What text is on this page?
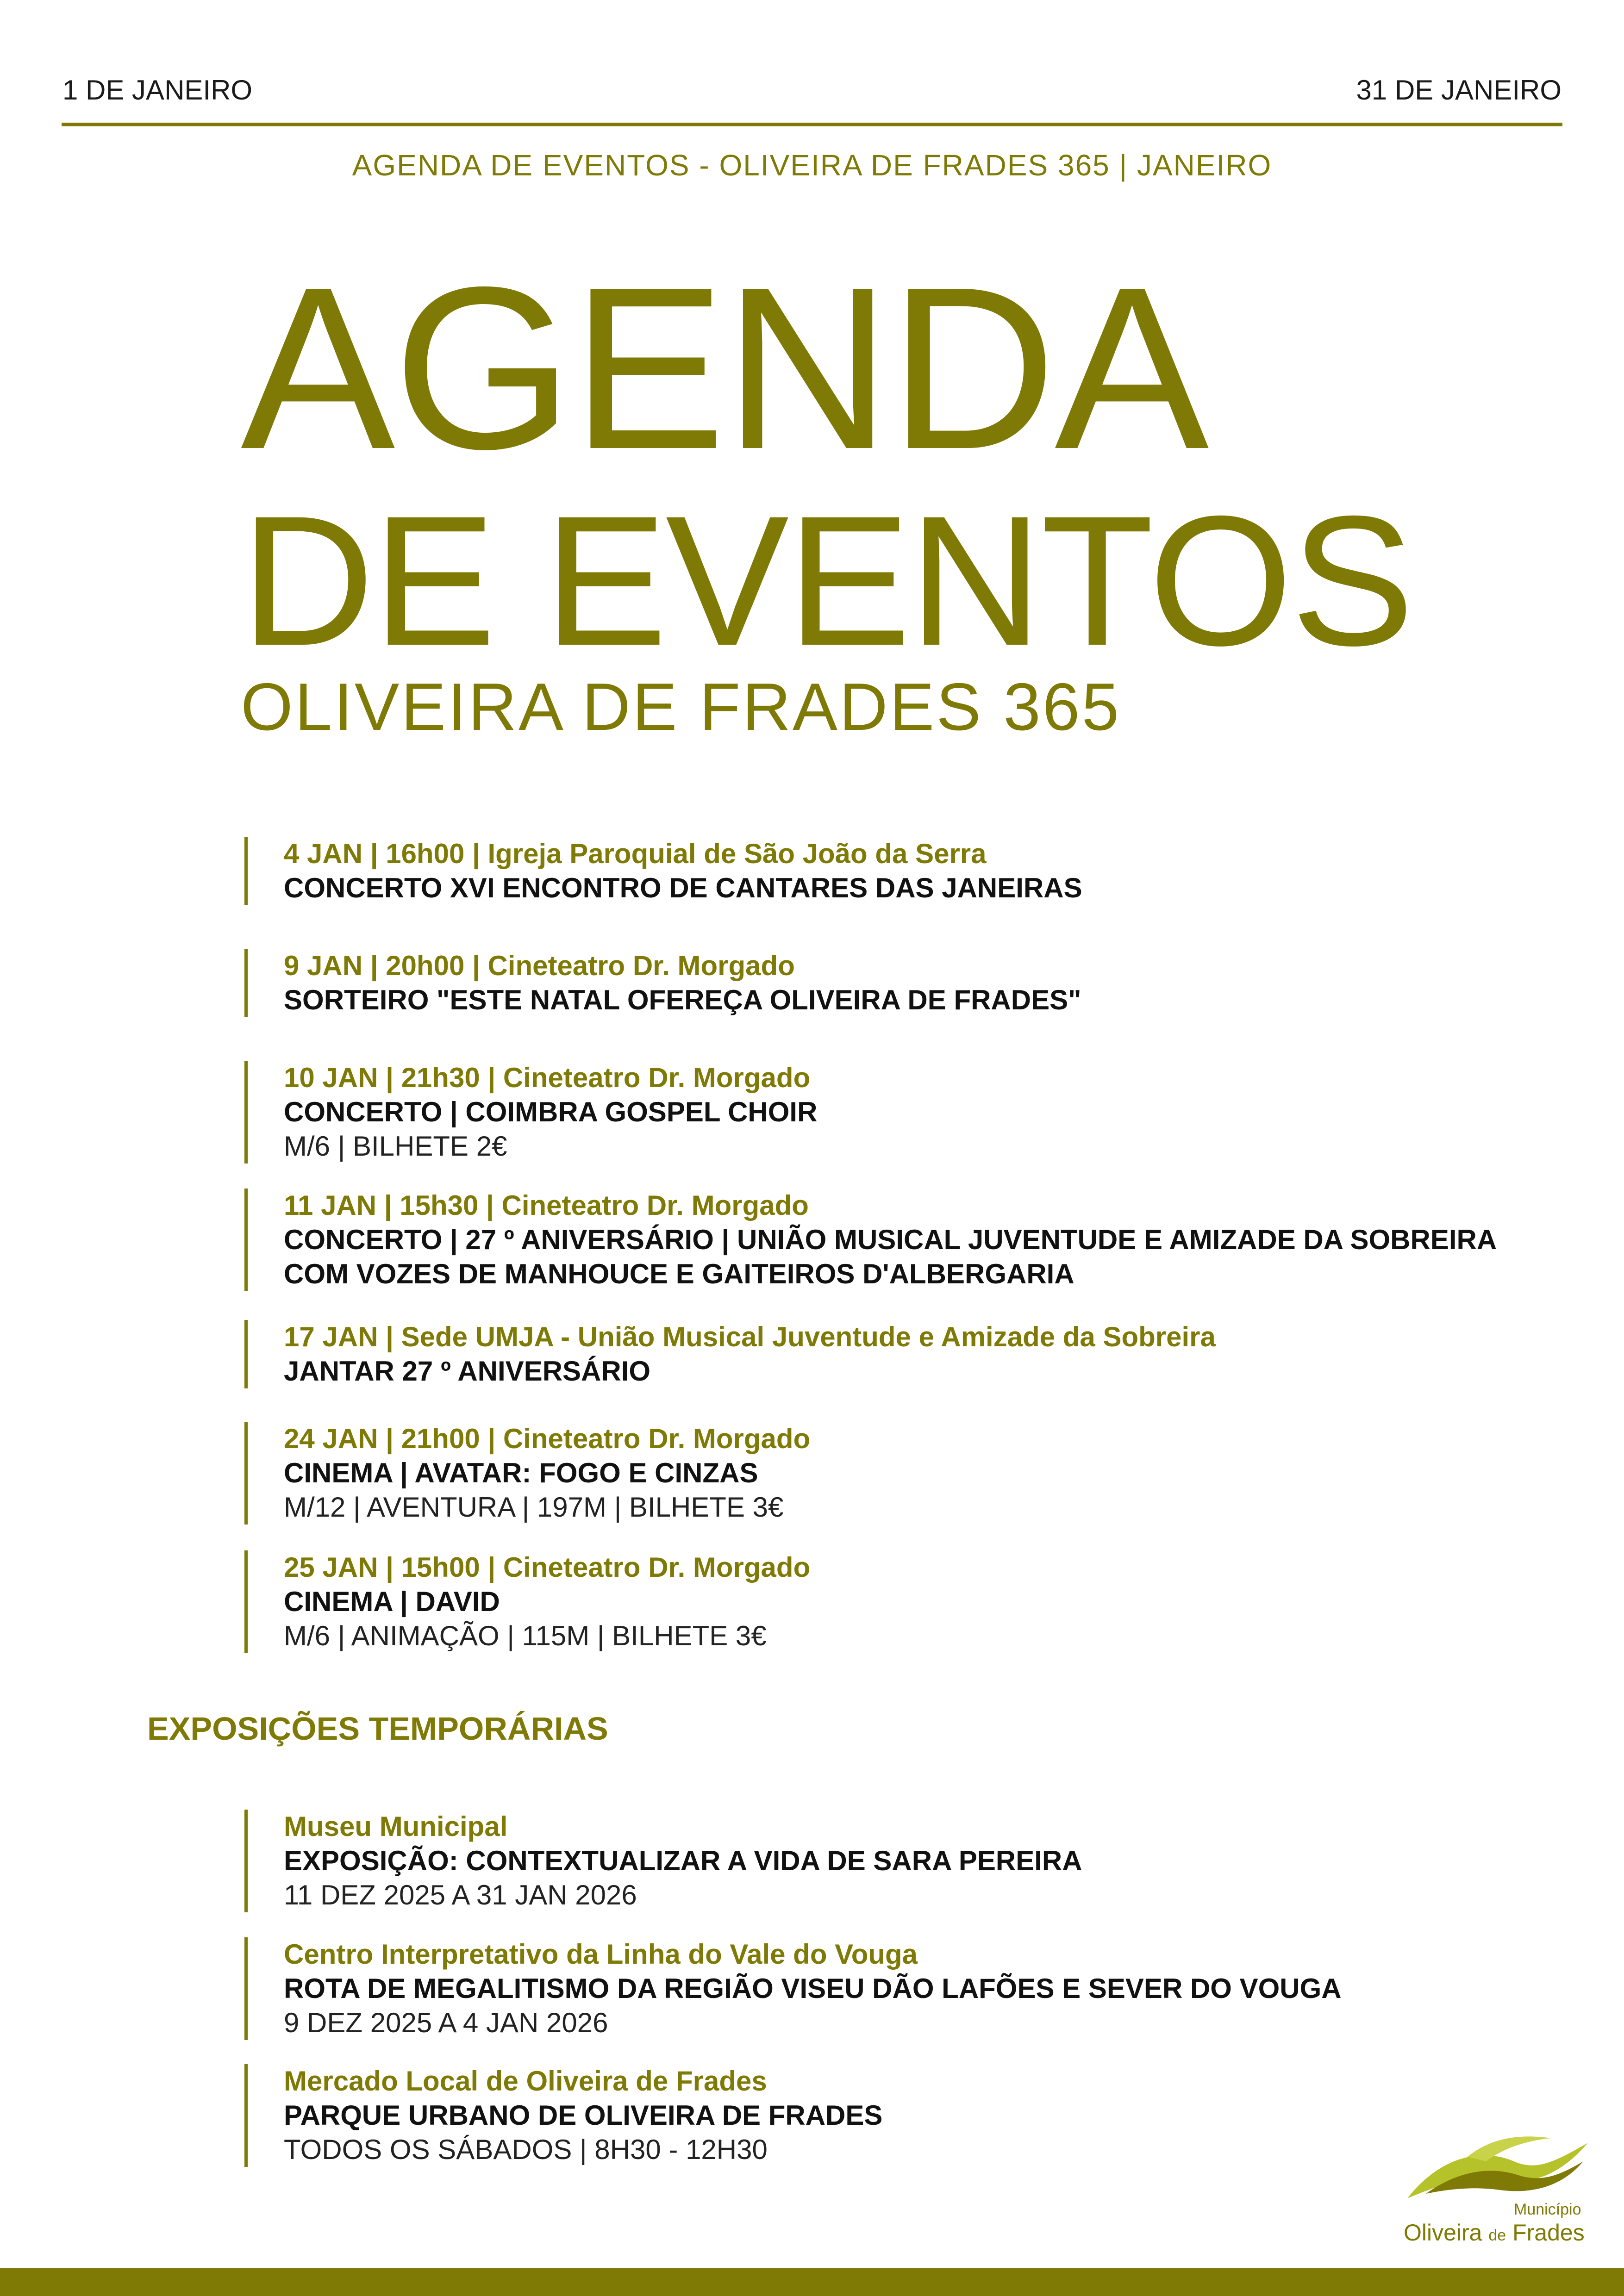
1 DE JANEIRO	31 DE JANEIRO
AGENDA DE EVENTOS - OLIVEIRA DE FRADES 365 | JANEIRO
AGENDA
DE EVENTOS
OLIVEIRA DE FRADES 365
4 JAN | 16h00 | Igreja Paroquial de São João da Serra
CONCERTO XVI ENCONTRO DE CANTARES DAS JANEIRAS
9 JAN | 20h00 | Cineteatro Dr. Morgado
SORTEIRO "ESTE NATAL OFEREÇA OLIVEIRA DE FRADES"
10 JAN | 21h30 | Cineteatro Dr. Morgado
CONCERTO | COIMBRA GOSPEL CHOIR
M/6 | BILHETE 2€
11 JAN | 15h30 | Cineteatro Dr. Morgado
CONCERTO | 27 º ANIVERSÁRIO | UNIÃO MUSICAL JUVENTUDE E AMIZADE DA SOBREIRA
COM VOZES DE MANHOUCE E GAITEIROS D'ALBERGARIA
17 JAN | Sede UMJA - União Musical Juventude e Amizade da Sobreira
JANTAR 27 º ANIVERSÁRIO
24 JAN | 21h00 | Cineteatro Dr. Morgado
CINEMA | AVATAR: FOGO E CINZAS
M/12 | AVENTURA | 197M | BILHETE 3€
25 JAN | 15h00 | Cineteatro Dr. Morgado
CINEMA | DAVID
M/6 | ANIMAÇÃO | 115M | BILHETE 3€
EXPOSIÇÕES TEMPORÁRIAS
Museu Municipal
EXPOSIÇÃO: CONTEXTUALIZAR A VIDA DE SARA PEREIRA
11 DEZ 2025 A 31 JAN 2026
Centro Interpretativo da Linha do Vale do Vouga
ROTA DE MEGALITISMO DA REGIÃO VISEU DÃO LAFÕES E SEVER DO VOUGA
9 DEZ 2025 A 4 JAN 2026
Mercado Local de Oliveira de Frades
PARQUE URBANO DE OLIVEIRA DE FRADES
TODOS OS SÁBADOS | 8H30 - 12H30
Município
Oliveira de Frades
